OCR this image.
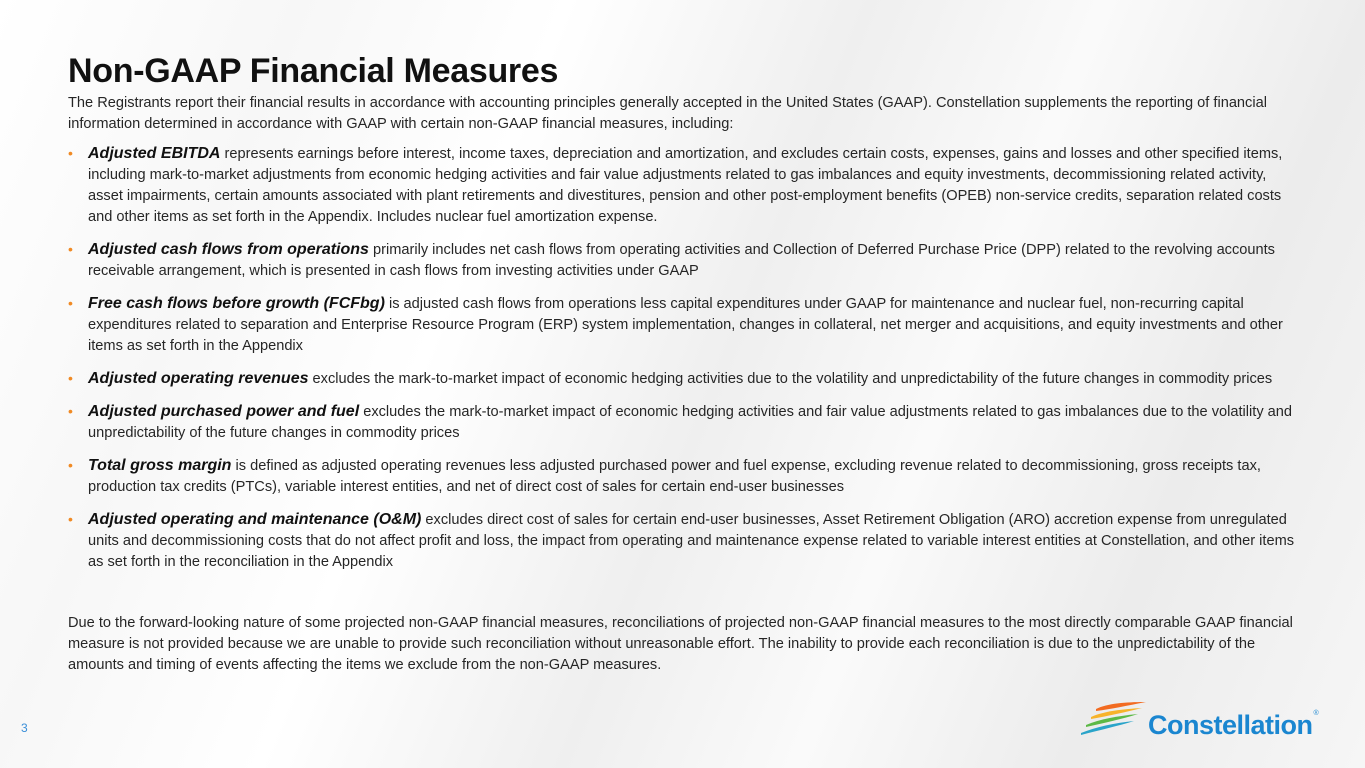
Non-GAAP Financial Measures

The Registrants report their financial results in accordance with accounting principles generally accepted in the United States (GAAP). Constellation supplements the reporting of financial information determined in accordance with GAAP with certain non-GAAP financial measures, including:

• Adjusted EBITDA represents earnings before interest, income taxes, depreciation and amortization, and excludes certain costs, expenses, gains and losses and other specified items, including mark-to-market adjustments from economic hedging activities and fair value adjustments related to gas imbalances and equity investments, decommissioning related activity, asset impairments, certain amounts associated with plant retirements and divestitures, pension and other post-employment benefits (OPEB) non-service credits, separation related costs and other items as set forth in the Appendix. Includes nuclear fuel amortization expense.
• Adjusted cash flows from operations primarily includes net cash flows from operating activities and Collection of Deferred Purchase Price (DPP) related to the revolving accounts receivable arrangement, which is presented in cash flows from investing activities under GAAP
• Free cash flows before growth (FCFbg) is adjusted cash flows from operations less capital expenditures under GAAP for maintenance and nuclear fuel, non-recurring capital expenditures related to separation and Enterprise Resource Program (ERP) system implementation, changes in collateral, net merger and acquisitions, and equity investments and other items as set forth in the Appendix
• Adjusted operating revenues excludes the mark-to-market impact of economic hedging activities due to the volatility and unpredictability of the future changes in commodity prices
• Adjusted purchased power and fuel excludes the mark-to-market impact of economic hedging activities and fair value adjustments related to gas imbalances due to the volatility and unpredictability of the future changes in commodity prices
• Total gross margin is defined as adjusted operating revenues less adjusted purchased power and fuel expense, excluding revenue related to decommissioning, gross receipts tax, production tax credits (PTCs), variable interest entities, and net of direct cost of sales for certain end-user businesses
• Adjusted operating and maintenance (O&M) excludes direct cost of sales for certain end-user businesses, Asset Retirement Obligation (ARO) accretion expense from unregulated units and decommissioning costs that do not affect profit and loss, the impact from operating and maintenance expense related to variable interest entities at Constellation, and other items as set forth in the reconciliation in the Appendix

Due to the forward-looking nature of some projected non-GAAP financial measures, reconciliations of projected non-GAAP financial measures to the most directly comparable GAAP financial measure is not provided because we are unable to provide such reconciliation without unreasonable effort. The inability to provide each reconciliation is due to the unpredictability of the amounts and timing of events affecting the items we exclude from the non-GAAP measures.

3	Constellation®
